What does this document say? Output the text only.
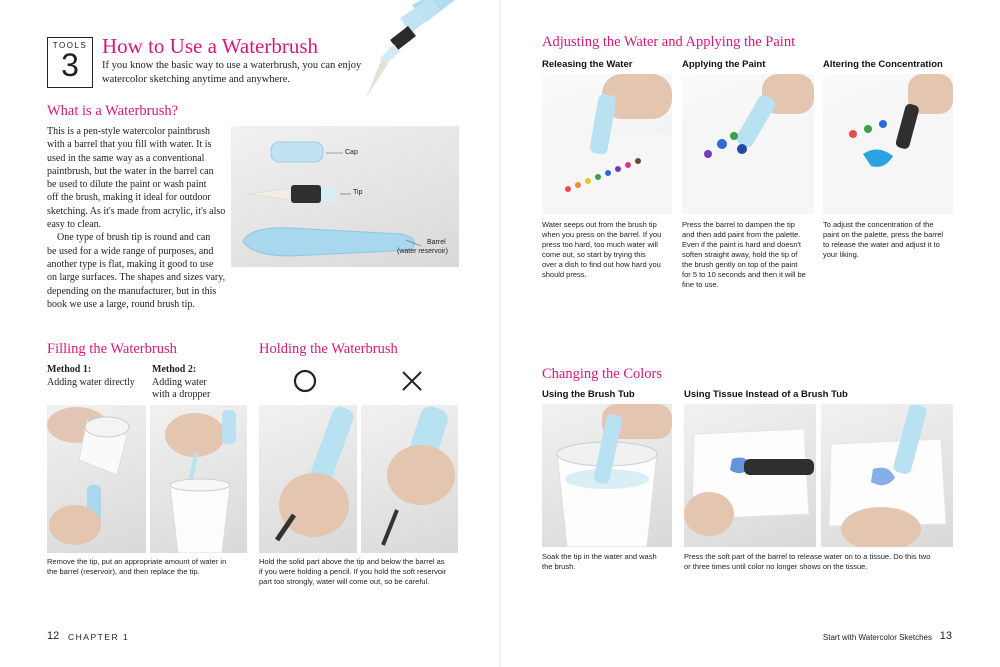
TOOLS
3
How to Use a Waterbrush
If you know the basic way to use a waterbrush, you can enjoy watercolor sketching anytime and anywhere.
What is a Waterbrush?
This is a pen-style watercolor paintbrush
with a barrel that you fill with water. It is
used in the same way as a conventional
paintbrush, but the water in the barrel can
be used to dilute the paint or wash paint
off the brush, making it ideal for outdoor
sketching. As it's made from acrylic, it's also
easy to clean.
One type of brush tip is round and can
be used for a wide range of purposes, and
another type is flat, making it good to use
on large surfaces. The shapes and sizes vary,
depending on the manufacturer, but in this
book we use a large, round brush tip.
Cap
Tip
Barrel
(water reservoir)
Filling the Waterbrush
Method 1:
Adding water directly
Method 2:
Adding water
with a dropper
Remove the tip, put an appropriate amount of water in
the barrel (reservoir), and then replace the tip.
Holding the Waterbrush
Hold the solid part above the tip and below the barrel as
if you were holding a pencil. If you hold the soft reservoir
part too strongly, water will come out, so be careful.
12 CHAPTER 1
Adjusting the Water and Applying the Paint
Releasing the Water	Applying the Paint	Altering the Concentration
Water seeps out from the brush tip
when you press on the barrel. If you
press too hard, too much water will
come out, so start by trying this
over a dish to find out how hard you
should press.
Press the barrel to dampen the tip
and then add paint from the palette.
Even if the paint is hard and doesn't
soften straight away, hold the tip of
the brush gently on top of the paint
for 5 to 10 seconds and then it will be
fine to use.
To adjust the concentration of the
paint on the palette, press the barrel
to release the water and adjust it to
your liking.
Changing the Colors
Using the Brush Tub	Using Tissue Instead of a Brush Tub
Soak the tip in the water and wash
the brush.
Press the soft part of the barrel to release water on to a tissue. Do this two
or three times until color no longer shows on the tissue.
Start with Watercolor Sketches 13
